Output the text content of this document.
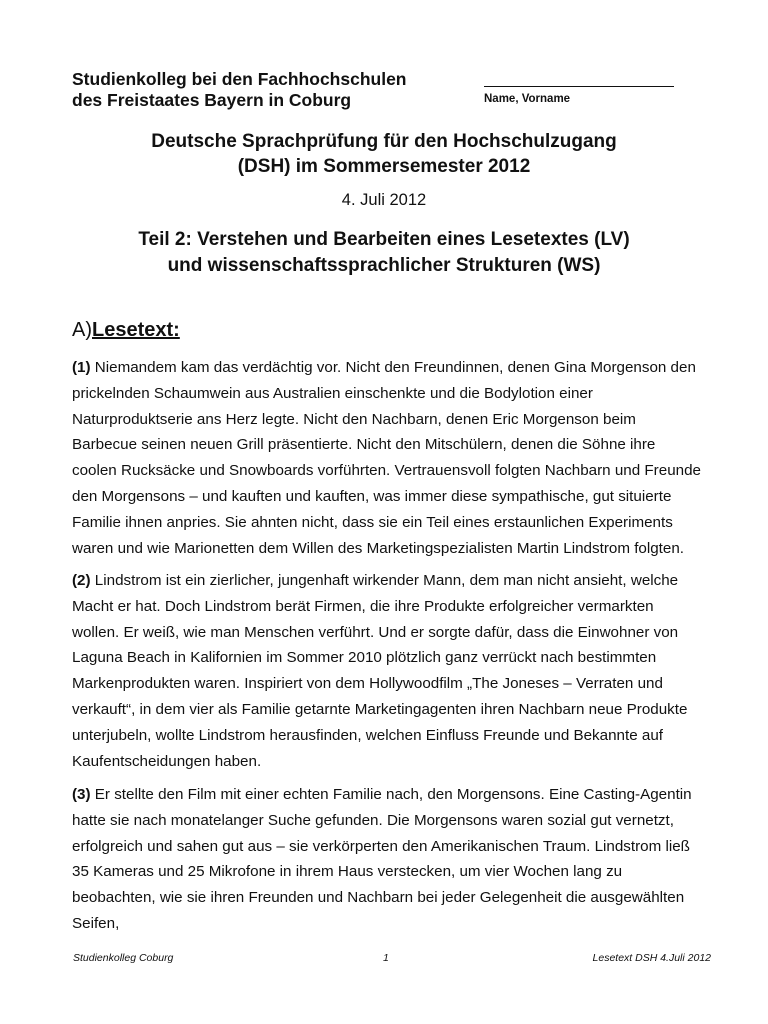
Studienkolleg bei den Fachhochschulen
des Freistaates Bayern in Coburg	Name, Vorname
Deutsche Sprachprüfung für den Hochschulzugang
(DSH) im Sommersemester 2012
4. Juli 2012
Teil 2: Verstehen und Bearbeiten eines Lesetextes (LV)
und wissenschaftssprachlicher Strukturen (WS)
A)Lesetext:

(1) Niemandem kam das verdächtig vor. Nicht den Freundinnen, denen Gina Morgenson den prickelnden Schaumwein aus Australien einschenkte und die Bodylotion einer Naturproduktserie ans Herz legte. Nicht den Nachbarn, denen Eric Morgenson beim Barbecue seinen neuen Grill präsentierte. Nicht den Mitschülern, denen die Söhne ihre coolen Rucksäcke und Snowboards vorführten. Vertrauensvoll folgten Nachbarn und Freunde den Morgensons – und kauften und kauften, was immer diese sympathische, gut situierte Familie ihnen anpries. Sie ahnten nicht, dass sie ein Teil eines erstaunlichen Experiments waren und wie Marionetten dem Willen des Marketingspezialisten Martin Lindstrom folgten.

(2) Lindstrom ist ein zierlicher, jungenhaft wirkender Mann, dem man nicht ansieht, welche Macht er hat. Doch Lindstrom berät Firmen, die ihre Produkte erfolgreicher vermarkten wollen. Er weiß, wie man Menschen verführt. Und er sorgte dafür, dass die Einwohner von Laguna Beach in Kalifornien im Sommer 2010 plötzlich ganz verrückt nach bestimmten Markenprodukten waren. Inspiriert von dem Hollywoodfilm „The Joneses – Verraten und verkauft“, in dem vier als Familie getarnte Marketingagenten ihren Nachbarn neue Produkte unterjubeln, wollte Lindstrom herausfinden, welchen Einfluss Freunde und Bekannte auf Kaufentscheidungen haben.

(3) Er stellte den Film mit einer echten Familie nach, den Morgensons. Eine Casting-Agentin hatte sie nach monatelanger Suche gefunden. Die Morgensons waren sozial gut vernetzt, erfolgreich und sahen gut aus – sie verkörperten den Amerikanischen Traum. Lindstrom ließ 35 Kameras und 25 Mikrofone in ihrem Haus verstecken, um vier Wochen lang zu beobachten, wie sie ihren Freunden und Nachbarn bei jeder Gelegenheit die ausgewählten Seifen,

Studienkolleg Coburg	1	Lesetext DSH 4.Juli 2012
